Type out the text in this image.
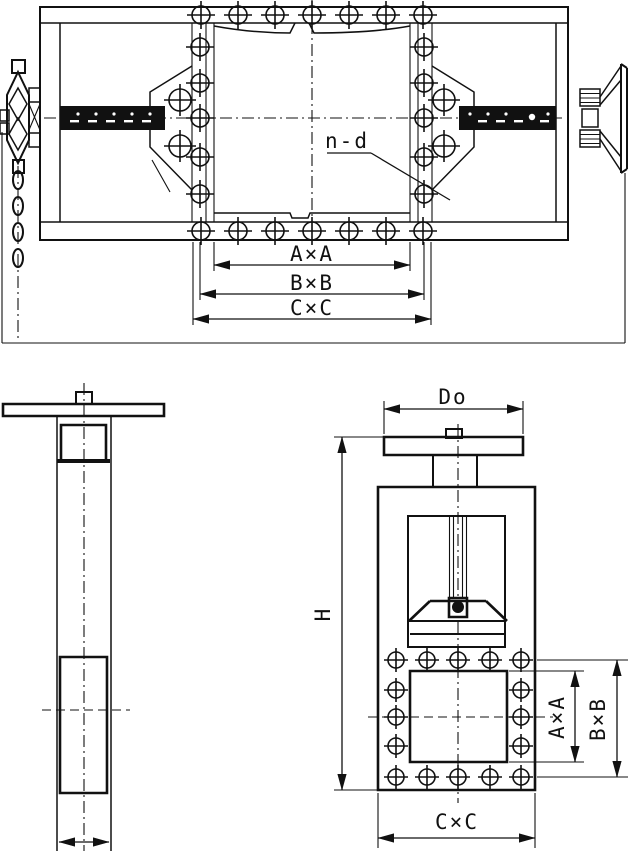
n-d
A×A
B×B
C×C
Do
H
A×A B×B
C×C
